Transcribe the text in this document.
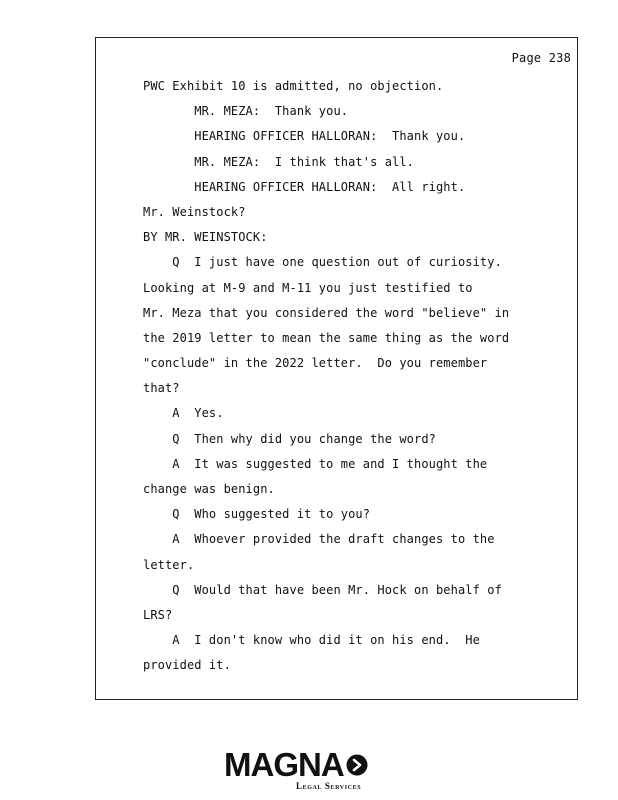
Page 238
PWC Exhibit 10 is admitted, no objection.
MR. MEZA:  Thank you.
HEARING OFFICER HALLORAN:  Thank you.
MR. MEZA:  I think that's all.
HEARING OFFICER HALLORAN:  All right.
Mr. Weinstock?
BY MR. WEINSTOCK:
Q  I just have one question out of curiosity.
Looking at M-9 and M-11 you just testified to
Mr. Meza that you considered the word "believe" in
the 2019 letter to mean the same thing as the word
"conclude" in the 2022 letter.  Do you remember
that?
A  Yes.
Q  Then why did you change the word?
A  It was suggested to me and I thought the
change was benign.
Q  Who suggested it to you?
A  Whoever provided the draft changes to the
letter.
Q  Would that have been Mr. Hock on behalf of
LRS?
A  I don't know who did it on his end.  He
provided it.
MAGNA
Legal Services
